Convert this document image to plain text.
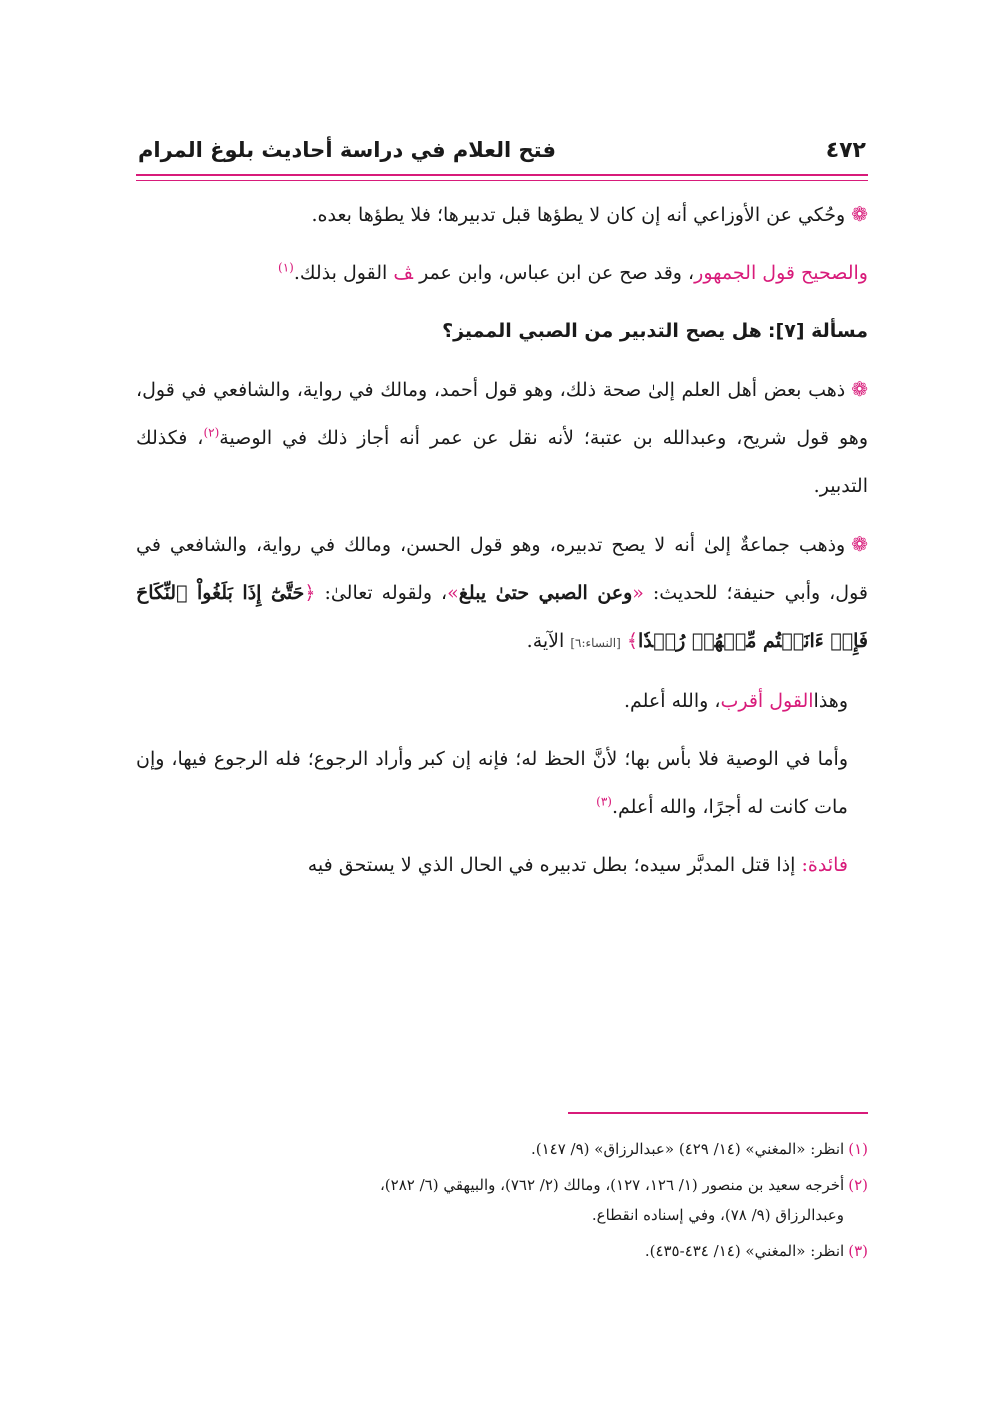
٤٧٢
فتح العلام في دراسة أحاديث بلوغ المرام

❁وحُكي عن الأوزاعي أنه إن كان لا يطؤها قبل تدبيرها؛ فلا يطؤها بعده.

والصحيح قول الجمهور، وقد صح عن ابن عباس، وابن عمر ﭫ القول بذلك.$^{(١)}$

مسألة [٧]: هل يصح التدبير من الصبي المميز؟

❁ذهب بعض أهل العلم إلىٰ صحة ذلك، وهو قول أحمد، ومالك في رواية، والشافعي في قول، وهو قول شريح، وعبدالله بن عتبة؛ لأنه نقل عن عمر أنه أجاز ذلك في الوصية$^{(٢)}$، فكذلك التدبير.

❁وذهب جماعةٌ إلىٰ أنه لا يصح تدبيره، وهو قول الحسن، ومالك في رواية، والشافعي في قول، وأبي حنيفة؛ للحديث: «وعن الصبي حتىٰ يبلغ»، ولقوله تعالىٰ: ﴿حَتَّىٰٓ إِذَا بَلَغُواْ ٱلنِّكَاحَ فَإِنۡ ءَانَسۡتُم مِّنۡهُمۡ رُشۡدٗا﴾ [النساء:٦] الآية.

وهذاالقول أقرب، والله أعلم.

وأما في الوصية فلا بأس بها؛ لأنَّ الحظ له؛ فإنه إن كبر وأراد الرجوع؛ فله الرجوع فيها، وإن مات كانت له أجرًا، والله أعلم.$^{(٣)}$

فائدة: إذا قتل المدبَّر سيده؛ بطل تدبيره في الحال الذي لا يستحق فيه

(١)انظر: «المغني» (١٤/ ٤٢٩) «عبدالرزاق» (٩/ ١٤٧).

(٢)أخرجه سعيد بن منصور (١/ ١٢٦، ١٢٧)، ومالك (٢/ ٧٦٢)، والبيهقي (٦/ ٢٨٢)،
وعبدالرزاق (٩/ ٧٨)، وفي إسناده انقطاع.

(٣)انظر: «المغني» (١٤/ ٤٣٤-٤٣٥).
